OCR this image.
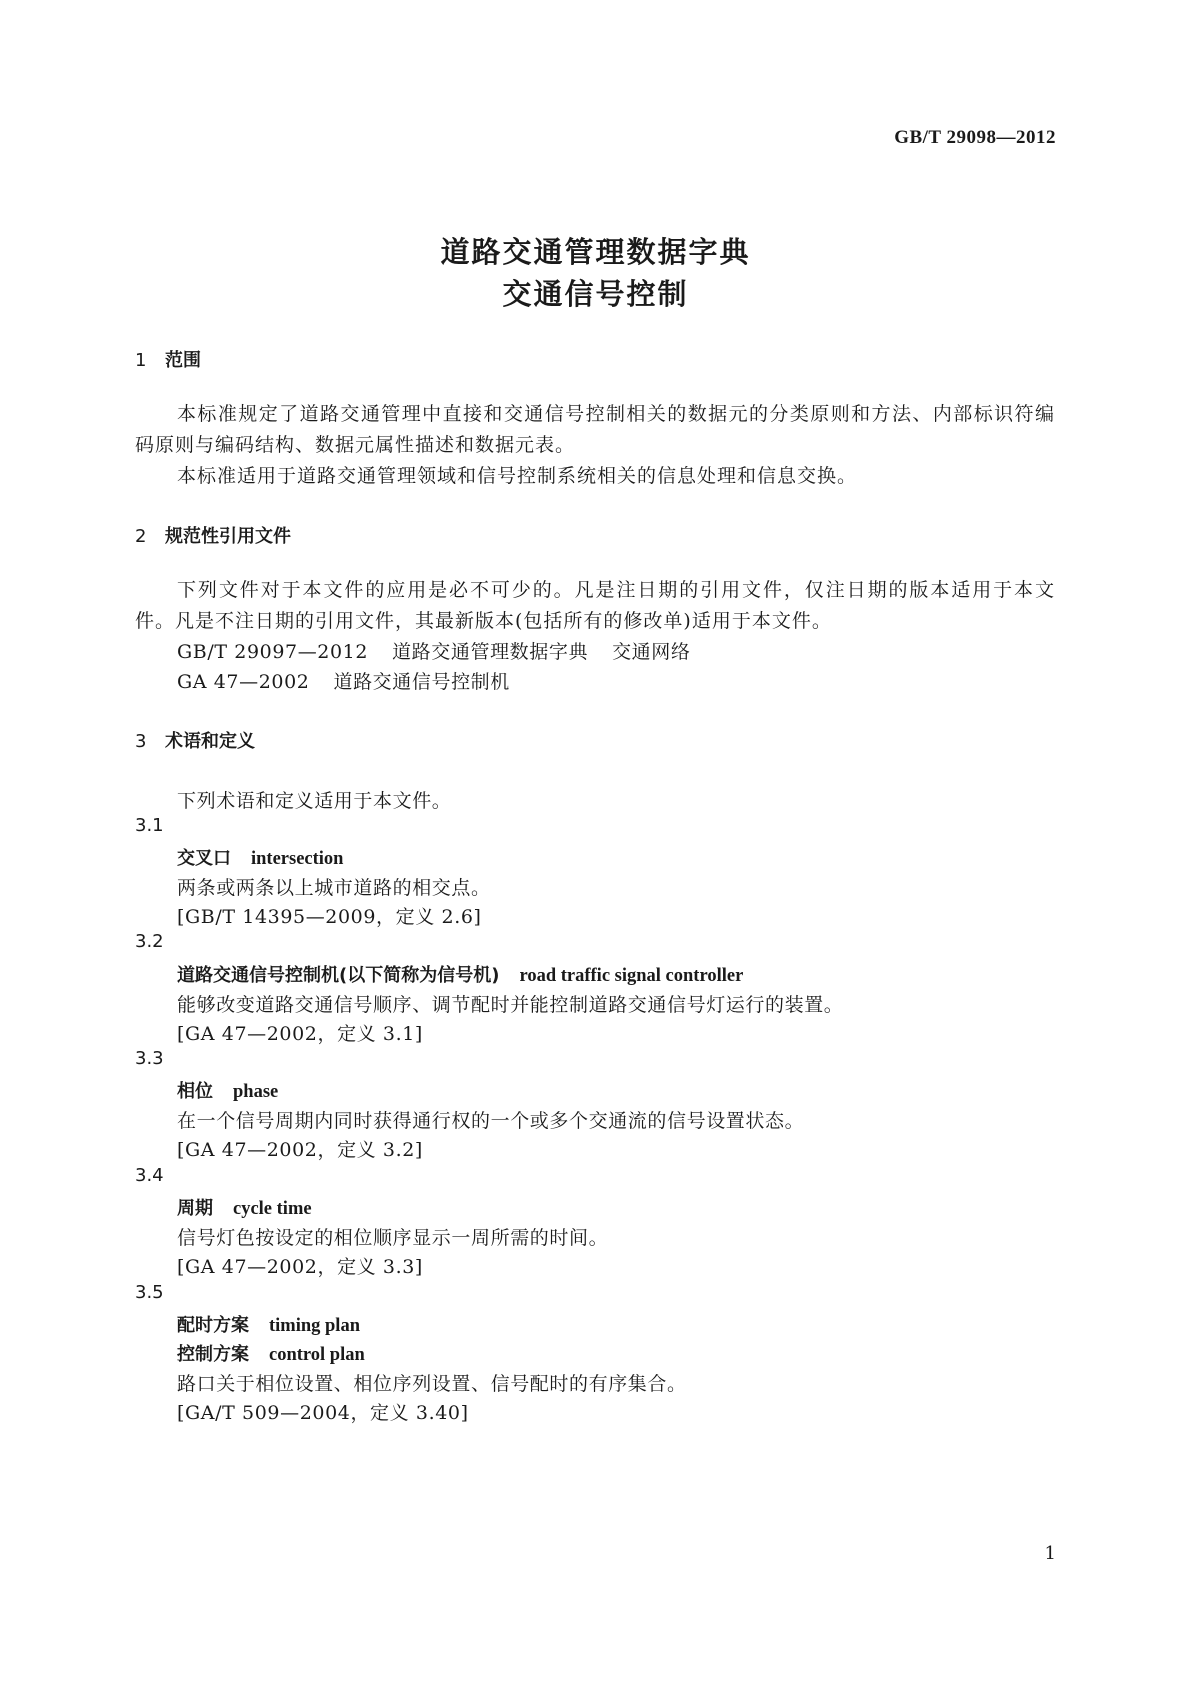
GB/T 29098—2012
道路交通管理数据字典
交通信号控制
1 范围
本标准规定了道路交通管理中直接和交通信号控制相关的数据元的分类原则和方法、内部标识符编码原则与编码结构、数据元属性描述和数据元表。
本标准适用于道路交通管理领域和信号控制系统相关的信息处理和信息交换。
2 规范性引用文件
下列文件对于本文件的应用是必不可少的。凡是注日期的引用文件，仅注日期的版本适用于本文件。凡是不注日期的引用文件，其最新版本(包括所有的修改单)适用于本文件。
GB/T 29097—2012 道路交通管理数据字典 交通网络
GA 47—2002 道路交通信号控制机
3 术语和定义
下列术语和定义适用于本文件。
3.1
交叉口 intersection
两条或两条以上城市道路的相交点。
[GB/T 14395—2009，定义 2.6]
3.2
道路交通信号控制机(以下简称为信号机) road traffic signal controller
能够改变道路交通信号顺序、调节配时并能控制道路交通信号灯运行的装置。
[GA 47—2002，定义 3.1]
3.3
相位 phase
在一个信号周期内同时获得通行权的一个或多个交通流的信号设置状态。
[GA 47—2002，定义 3.2]
3.4
周期 cycle time
信号灯色按设定的相位顺序显示一周所需的时间。
[GA 47—2002，定义 3.3]
3.5
配时方案 timing plan
控制方案 control plan
路口关于相位设置、相位序列设置、信号配时的有序集合。
[GA/T 509—2004，定义 3.40]
1
